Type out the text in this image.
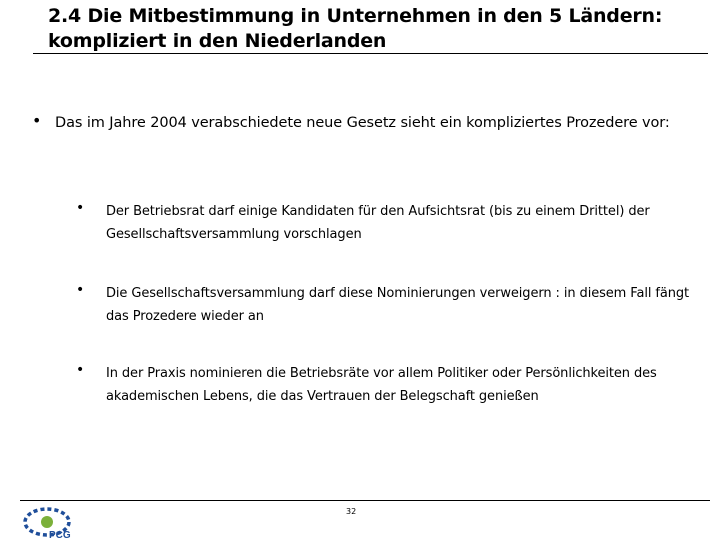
2.4 Die Mitbestimmung in Unternehmen in den 5 Ländern:
kompliziert in den Niederlanden
• Das im Jahre 2004 verabschiedete neue Gesetz sieht ein kompliziertes Prozedere vor:

• Der Betriebsrat darf einige Kandidaten für den Aufsichtsrat (bis zu einem Drittel) der Gesellschaftsversammlung vorschlagen

• Die Gesellschaftsversammlung darf diese Nominierungen verweigern : in diesem Fall fängt das Prozedere wieder an

• In der Praxis nominieren die Betriebsräte vor allem Politiker oder Persönlichkeiten des akademischen Lebens, die das Vertrauen der Belegschaft genießen

32
PCG
